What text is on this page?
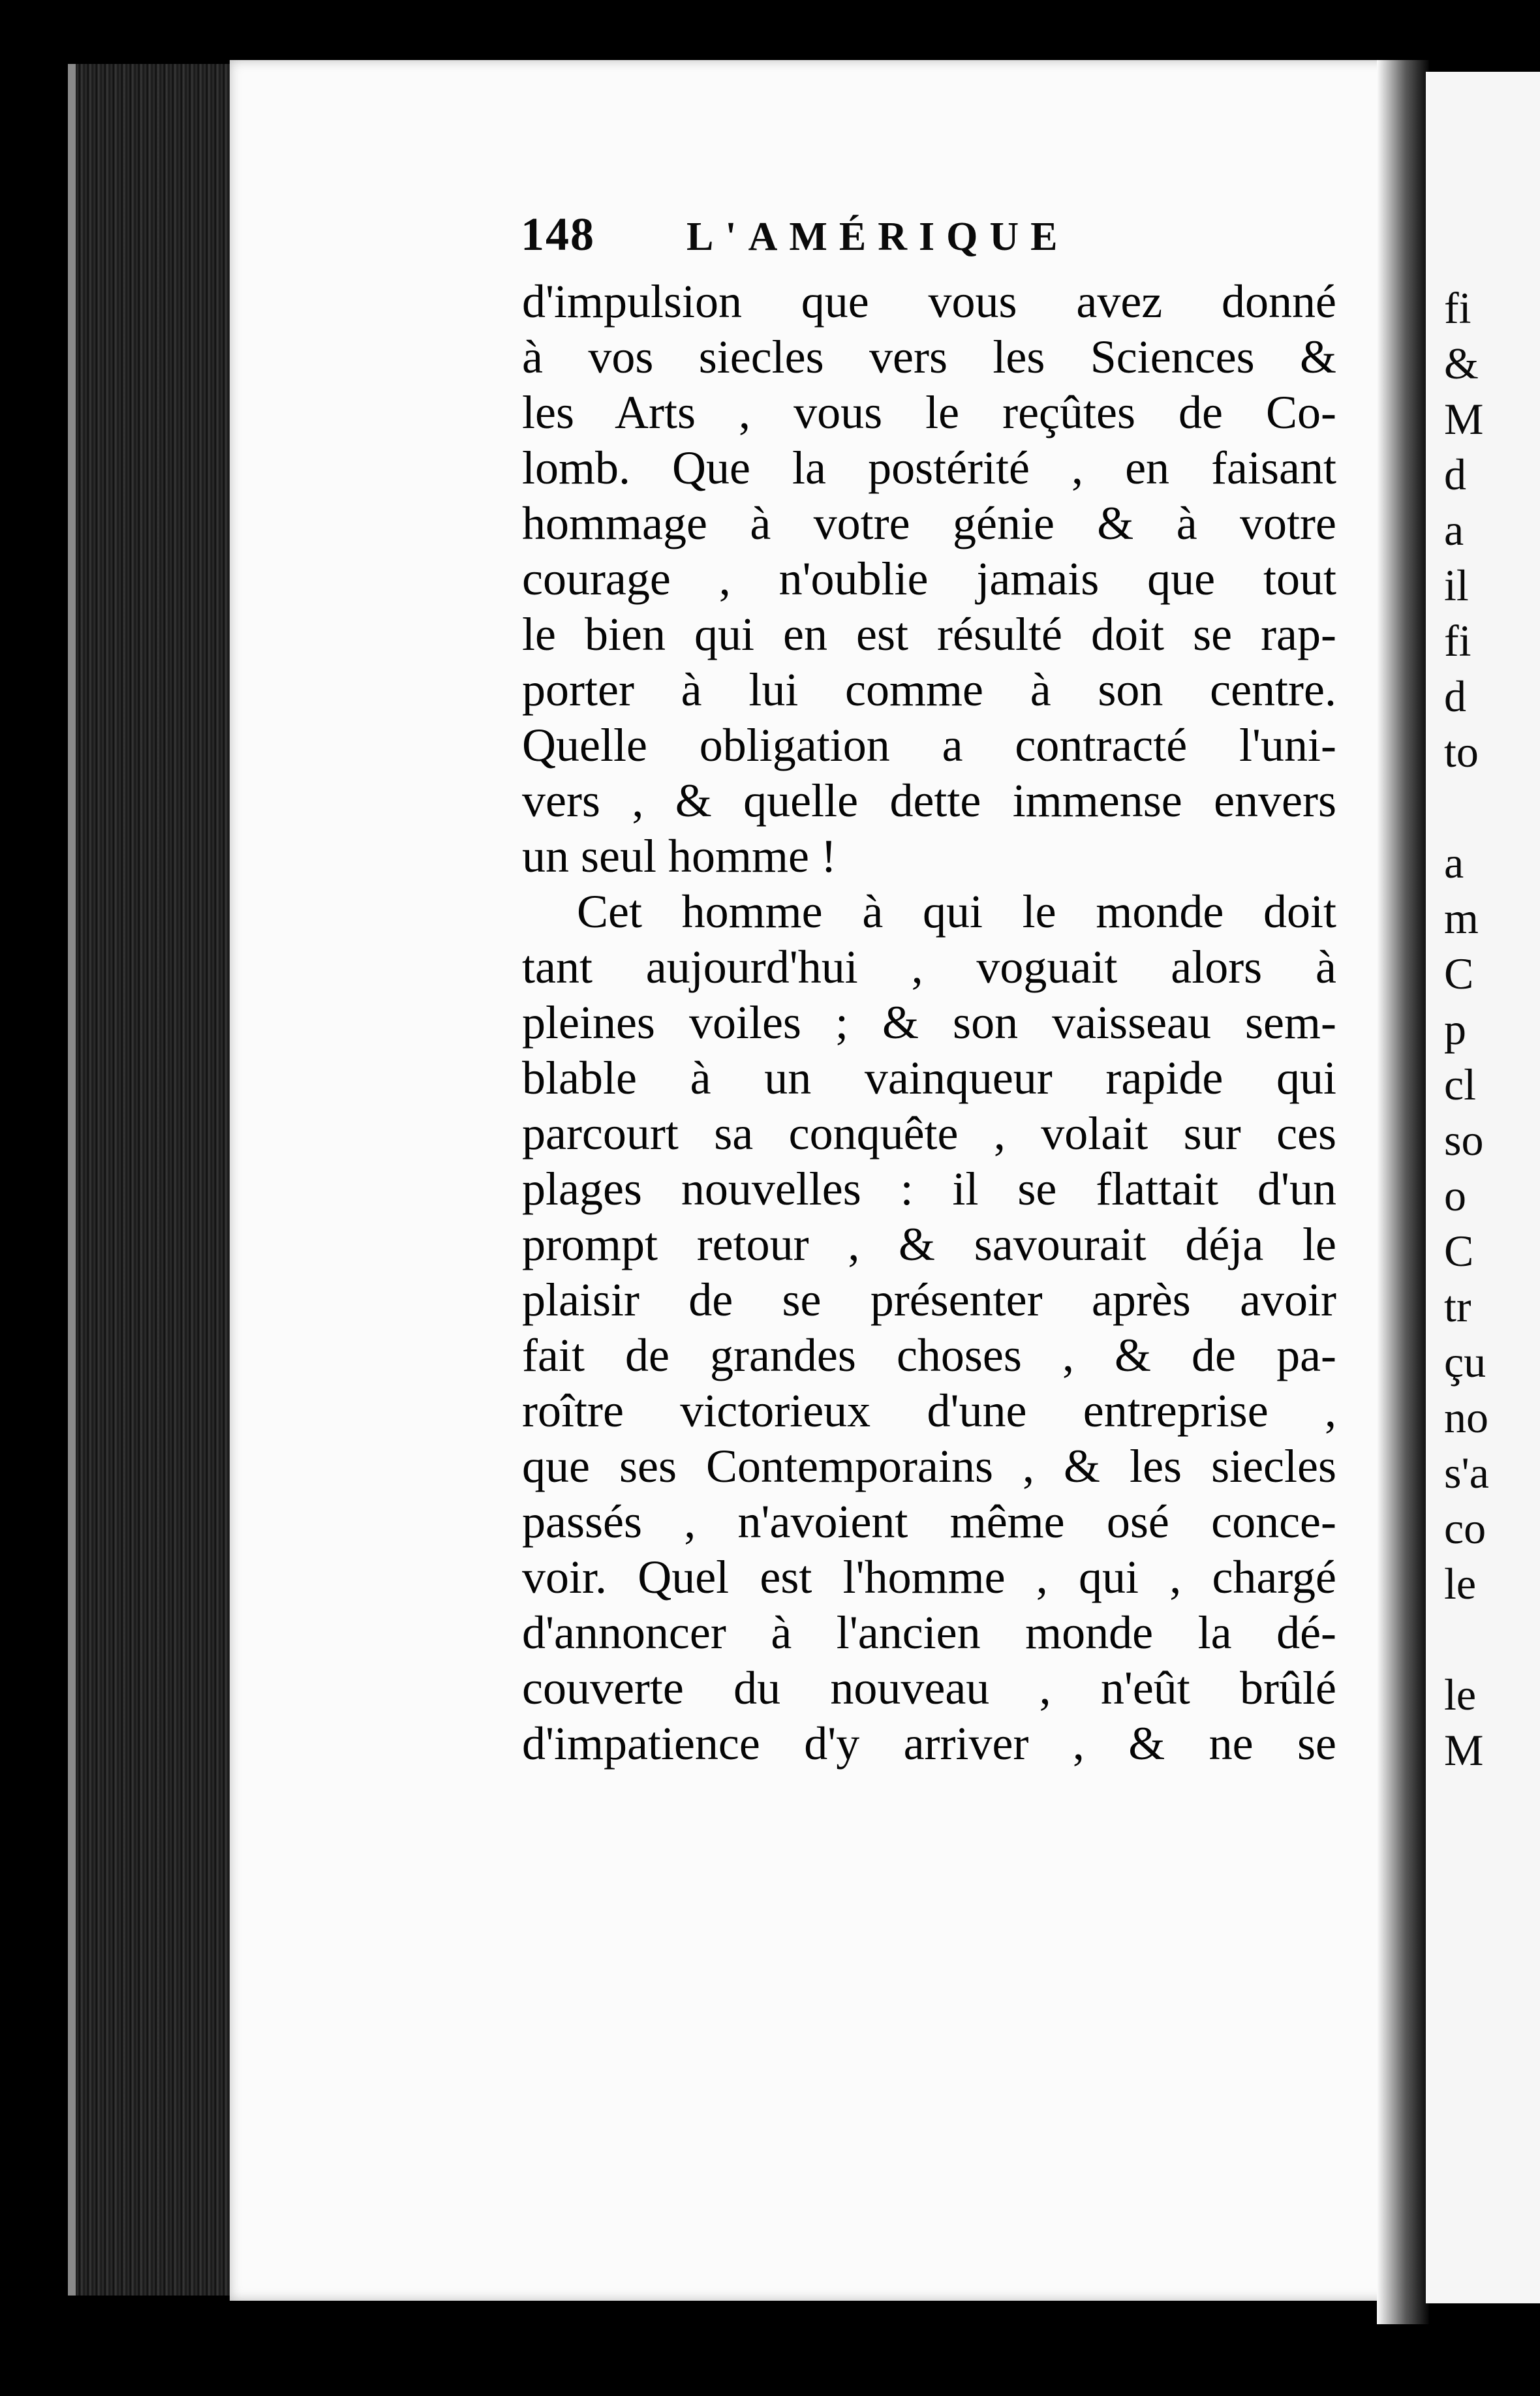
148 L'AMÉRIQUE
d'impulsion que vous avez donné
à vos siecles vers les Sciences &
les Arts , vous le reçûtes de Co-
lomb. Que la postérité , en faisant
hommage à votre génie & à votre
courage , n'oublie jamais que tout
le bien qui en est résulté doit se rap-
porter à lui comme à son centre.
Quelle obligation a contracté l'uni-
vers , & quelle dette immense envers
un seul homme !
Cet homme à qui le monde doit
tant aujourd'hui , voguait alors à
pleines voiles ; & son vaisseau sem-
blable à un vainqueur rapide qui
parcourt sa conquête , volait sur ces
plages nouvelles : il se flattait d'un
prompt retour , & savourait déja le
plaisir de se présenter après avoir
fait de grandes choses , & de pa-
roître victorieux d'une entreprise ,
que ses Contemporains , & les siecles
passés , n'avoient même osé conce-
voir. Quel est l'homme , qui , chargé
d'annoncer à l'ancien monde la dé-
couverte du nouveau , n'eût brûlé
d'impatience d'y arriver , & ne se
fi
&
M
d
a
il
fi
d
to
a
m
C
p
cl
so
o
C
tr
çu
no
s'a
co
le
le
M
